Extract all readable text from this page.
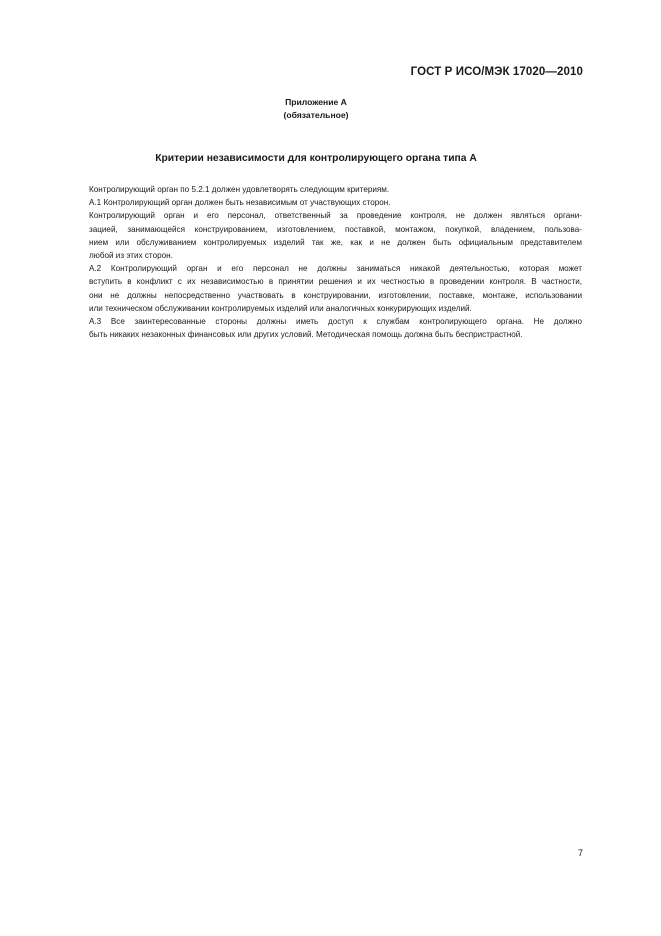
ГОСТ Р ИСО/МЭК 17020—2010

Приложение А
(обязательное)

Критерии независимости для контролирующего органа типа А

Контролирующий орган по 5.2.1 должен удовлетворять следующим критериям.

А.1 Контролирующий орган должен быть независимым от участвующих сторон.

Контролирующий орган и его персонал, ответственный за проведение контроля, не должен являться органи-
зацией, занимающейся конструированием, изготовлением, поставкой, монтажом, покупкой, владением, пользова-
нием или обслуживанием контролируемых изделий так же, как и не должен быть официальным представителем
любой из этих сторон.

А.2 Контролирующий орган и его персонал не должны заниматься никакой деятельностью, которая может
вступить в конфликт с их независимостью в принятии решения и их честностью в проведении контроля. В частности,
они не должны непосредственно участвовать в конструировании, изготовлении, поставке, монтаже, использовании
или техническом обслуживании контролируемых изделий или аналогичных конкурирующих изделий.

А.3 Все заинтересованные стороны должны иметь доступ к службам контролирующего органа. Не должно
быть никаких незаконных финансовых или других условий. Методическая помощь должна быть беспристрастной.

7
